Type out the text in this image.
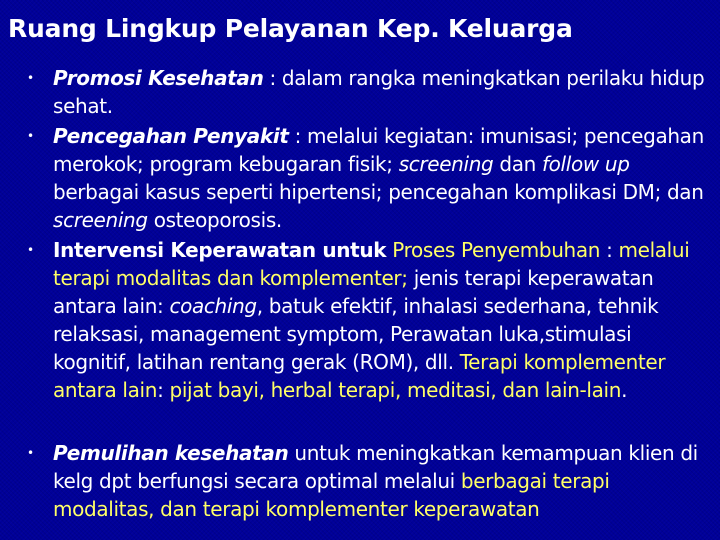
Ruang Lingkup Pelayanan Kep. Keluarga
• Promosi Kesehatan : dalam rangka meningkatkan perilaku hidup sehat.
• Pencegahan Penyakit : melalui kegiatan: imunisasi; pencegahan merokok; program kebugaran fisik; screening dan follow up berbagai kasus seperti hipertensi; pencegahan komplikasi DM; dan screening osteoporosis.
• Intervensi Keperawatan untuk Proses Penyembuhan : melalui terapi modalitas dan komplementer; jenis terapi keperawatan antara lain: coaching, batuk efektif, inhalasi sederhana, tehnik relaksasi, management symptom, Perawatan luka,stimulasi kognitif, latihan rentang gerak (ROM), dll. Terapi komplementer antara lain: pijat bayi, herbal terapi, meditasi, dan lain-lain.
• Pemulihan kesehatan untuk meningkatkan kemampuan klien di kelg dpt berfungsi secara optimal melalui berbagai terapi modalitas, dan terapi komplementer keperawatan
